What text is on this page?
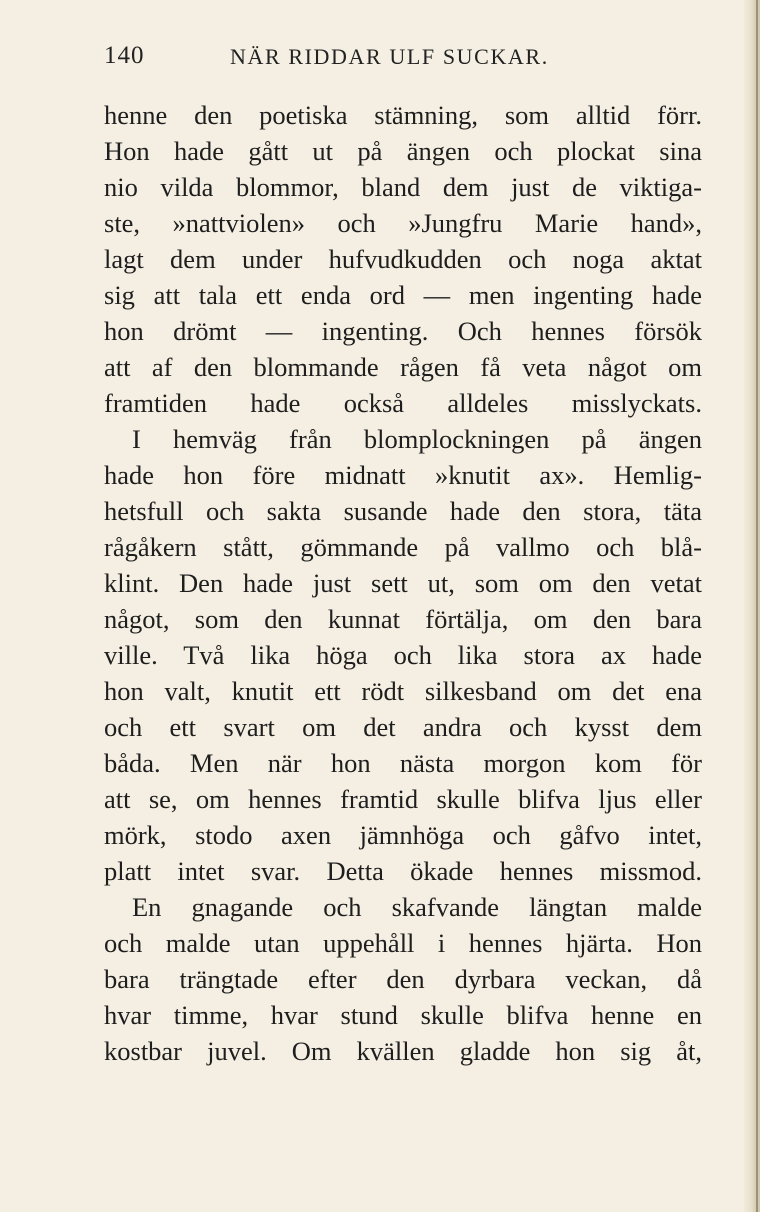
140	NÄR RIDDAR ULF SUCKAR.
henne den poetiska stämning, som alltid förr.
Hon hade gått ut på ängen och plockat sina
nio vilda blommor, bland dem just de viktiga-
ste, »nattviolen» och »Jungfru Marie hand»,
lagt dem under hufvudkudden och noga aktat
sig att tala ett enda ord — men ingenting hade
hon drömt — ingenting. Och hennes försök
att af den blommande rågen få veta något om
framtiden hade också alldeles misslyckats.
I hemväg från blomplockningen på ängen
hade hon före midnatt »knutit ax». Hemlig-
hetsfull och sakta susande hade den stora, täta
rågåkern stått, gömmande på vallmo och blå-
klint. Den hade just sett ut, som om den vetat
något, som den kunnat förtälja, om den bara
ville. Två lika höga och lika stora ax hade
hon valt, knutit ett rödt silkesband om det ena
och ett svart om det andra och kysst dem
båda. Men när hon nästa morgon kom för
att se, om hennes framtid skulle blifva ljus eller
mörk, stodo axen jämnhöga och gåfvo intet,
platt intet svar. Detta ökade hennes missmod.
En gnagande och skafvande längtan malde
och malde utan uppehåll i hennes hjärta. Hon
bara trängtade efter den dyrbara veckan, då
hvar timme, hvar stund skulle blifva henne en
kostbar juvel. Om kvällen gladde hon sig åt,
